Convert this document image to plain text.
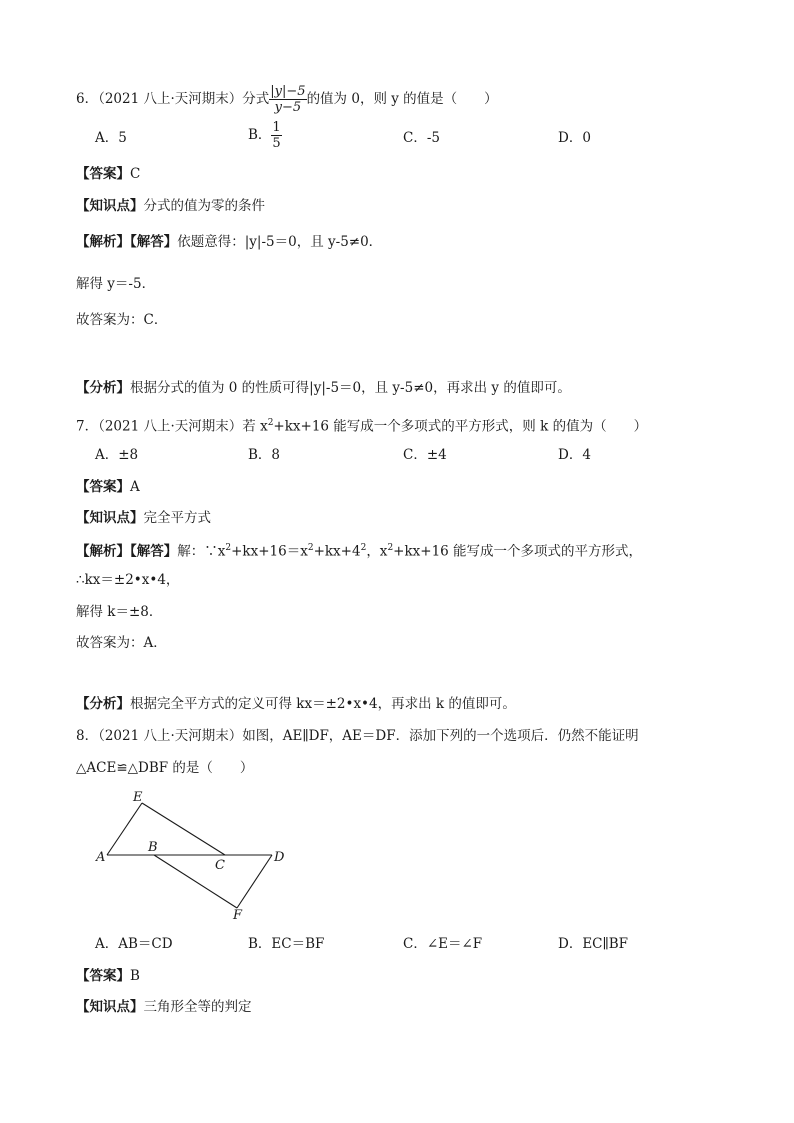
6．（2021 八上·天河期末）分式 $\frac{|y|-5}{y-5}$ 的值为 0，则 y 的值是（　　）
A．5	B． $\frac{1}{5}$	C．-5	D．0
【答案】C
【知识点】分式的值为零的条件
【解析】【解答】依题意得：|y|-5＝0，且 y-5≠0．
解得 y＝-5．
故答案为：C．
【分析】根据分式的值为 0 的性质可得|y|-5＝0，且 y-5≠0，再求出 y 的值即可。
7．（2021 八上·天河期末）若 $x^2+kx+16$ 能写成一个多项式的平方形式，则 k 的值为（　　）
A．±8	B．8	C．±4	D．4
【答案】A
【知识点】完全平方式
【解析】【解答】解：$\because x^2+kx+16=x^2+kx+4^2$，$x^2+kx+16$ 能写成一个多项式的平方形式，
∴kx＝±2•x•4，
解得 k＝±8．
故答案为：A．
【分析】根据完全平方式的定义可得 kx＝±2•x•4，再求出 k 的值即可。
8．（2021 八上·天河期末）如图，AE∥DF，AE＝DF．添加下列的一个选项后．仍然不能证明
△ACE≌△DBF 的是（　　）
E
A
B
C
D
F
A．AB＝CD	B．EC＝BF	C．∠E＝∠F	D．EC∥BF
【答案】B
【知识点】三角形全等的判定
